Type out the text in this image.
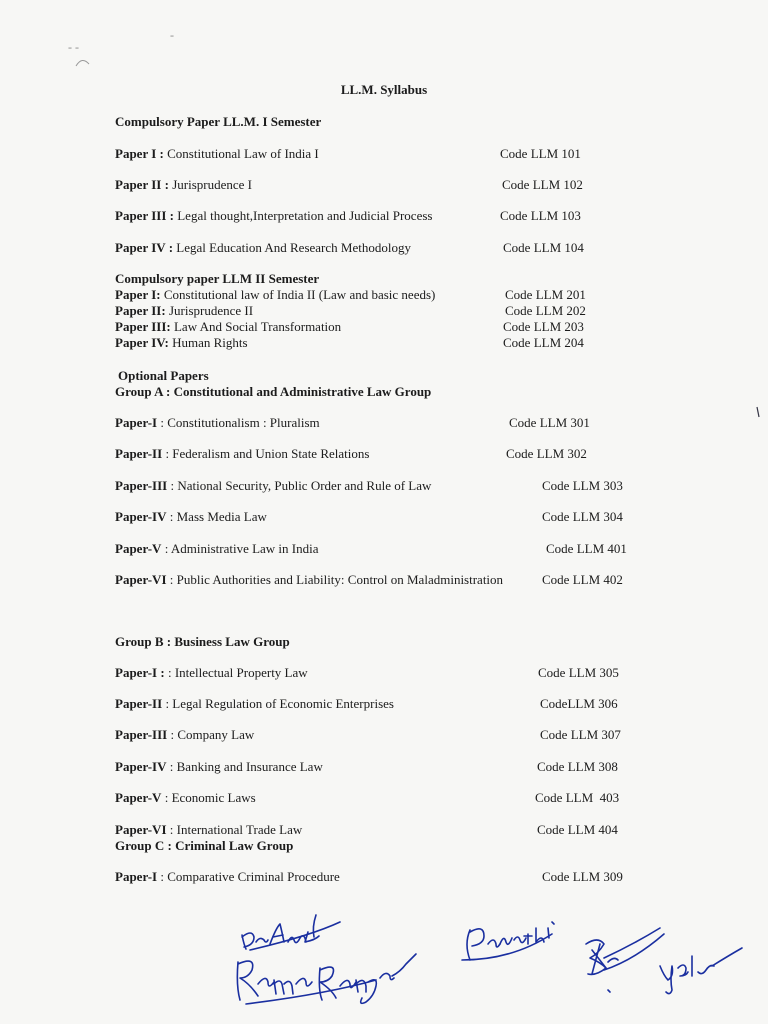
- ‐
-
LL.M. Syllabus
Compulsory Paper LL.M. I Semester
Paper I : Constitutional Law of India I	Code LLM 101
Paper II : Jurisprudence I	Code LLM 102
Paper III : Legal thought,Interpretation and Judicial Process	Code LLM 103
Paper IV : Legal Education And Research Methodology	Code LLM 104
Compulsory paper LLM II Semester
Paper I: Constitutional law of India II (Law and basic needs)	Code LLM 201
Paper II: Jurisprudence II	Code LLM 202
Paper III: Law And Social Transformation	Code LLM 203
Paper IV: Human Rights	Code LLM 204
Optional Papers
Group A : Constitutional and Administrative Law Group
Paper-I : Constitutionalism : Pluralism	Code LLM 301
Paper-II : Federalism and Union State Relations	Code LLM 302
Paper-III : National Security, Public Order and Rule of Law	Code LLM 303
Paper-IV : Mass Media Law	Code LLM 304
Paper-V : Administrative Law in India	Code LLM 401
Paper-VI : Public Authorities and Liability: Control on Maladministration	Code LLM 402
Group B : Business Law Group
Paper-I : : Intellectual Property Law	Code LLM 305
Paper-II : Legal Regulation of Economic Enterprises	CodeLLM 306
Paper-III : Company Law	Code LLM 307
Paper-IV : Banking and Insurance Law	Code LLM 308
Paper-V : Economic Laws	Code LLM  403
Paper-VI : International Trade Law	Code LLM 404
Group C : Criminal Law Group
Paper-I : Comparative Criminal Procedure	Code LLM 309
